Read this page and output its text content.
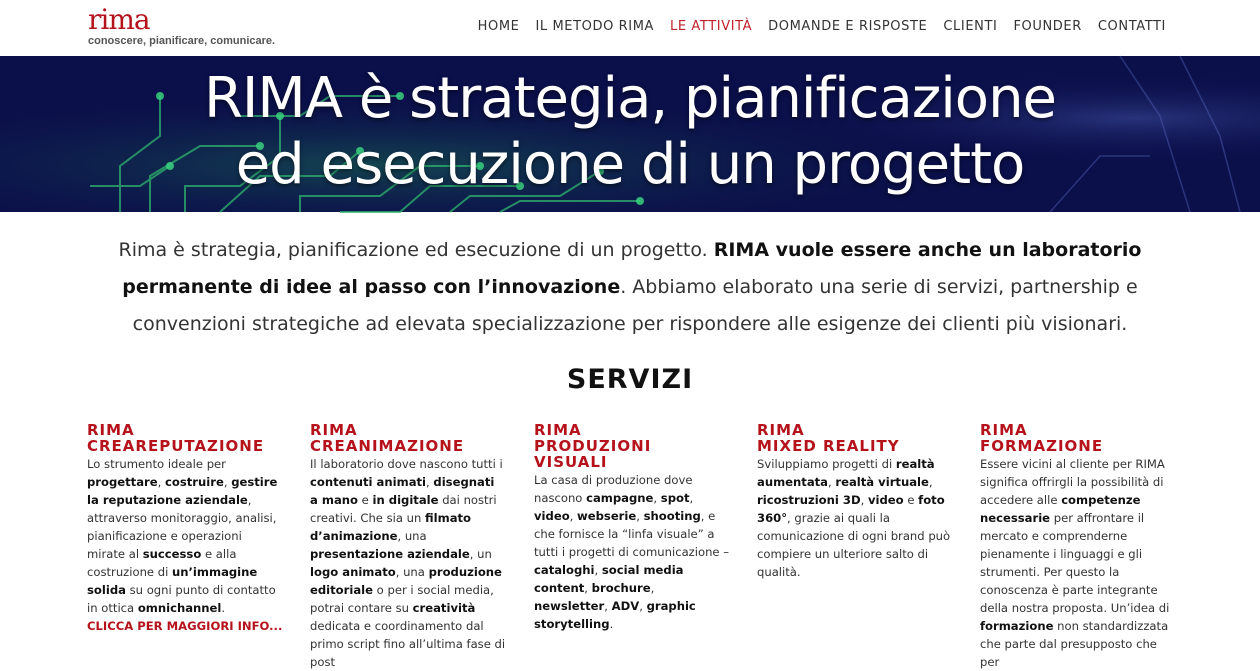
rima
conoscere, pianificare, comunicare.
HOME IL METODO RIMA LE ATTIVITÀ DOMANDE E RISPOSTE CLIENTI FOUNDER CONTATTI
RIMA è strategia, pianificazione
ed esecuzione di un progetto

Rima è strategia, pianificazione ed esecuzione di un progetto. RIMA vuole essere anche un laboratorio permanente di idee al passo con l’innovazione. Abbiamo elaborato una serie di servizi, partnership e convenzioni strategiche ad elevata specializzazione per rispondere alle esigenze dei clienti più visionari.

SERVIZI
RIMA
CREAREPUTAZIONE

Lo strumento ideale per progettare, costruire, gestire la reputazione aziendale, attraverso monitoraggio, analisi, pianificazione e operazioni mirate al successo e alla costruzione di un’immagine solida su ogni punto di contatto in ottica omnichannel.

CLICCA PER MAGGIORI INFO...
RIMA
CREANIMAZIONE

Il laboratorio dove nascono tutti i contenuti animati, disegnati a mano e in digitale dai nostri creativi. Che sia un filmato d’animazione, una presentazione aziendale, un logo animato, una produzione editoriale o per i social media, potrai contare su creatività dedicata e coordinamento dal primo script fino all’ultima fase di post

RIMA
PRODUZIONI
VISUALI

La casa di produzione dove nascono campagne, spot, video, webserie, shooting, e che fornisce la “linfa visuale” a tutti i progetti di comunicazione – cataloghi, social media content, brochure, newsletter, ADV, graphic storytelling.

RIMA
MIXED REALITY

Sviluppiamo progetti di realtà aumentata, realtà virtuale, ricostruzioni 3D, video e foto 360°, grazie ai quali la comunicazione di ogni brand può compiere un ulteriore salto di qualità.

RIMA
FORMAZIONE

Essere vicini al cliente per RIMA significa offrirgli la possibilità di accedere alle competenze necessarie per affrontare il mercato e comprenderne pienamente i linguaggi e gli strumenti. Per questo la conoscenza è parte integrante della nostra proposta. Un’idea di formazione non standardizzata che parte dal presupposto che per
